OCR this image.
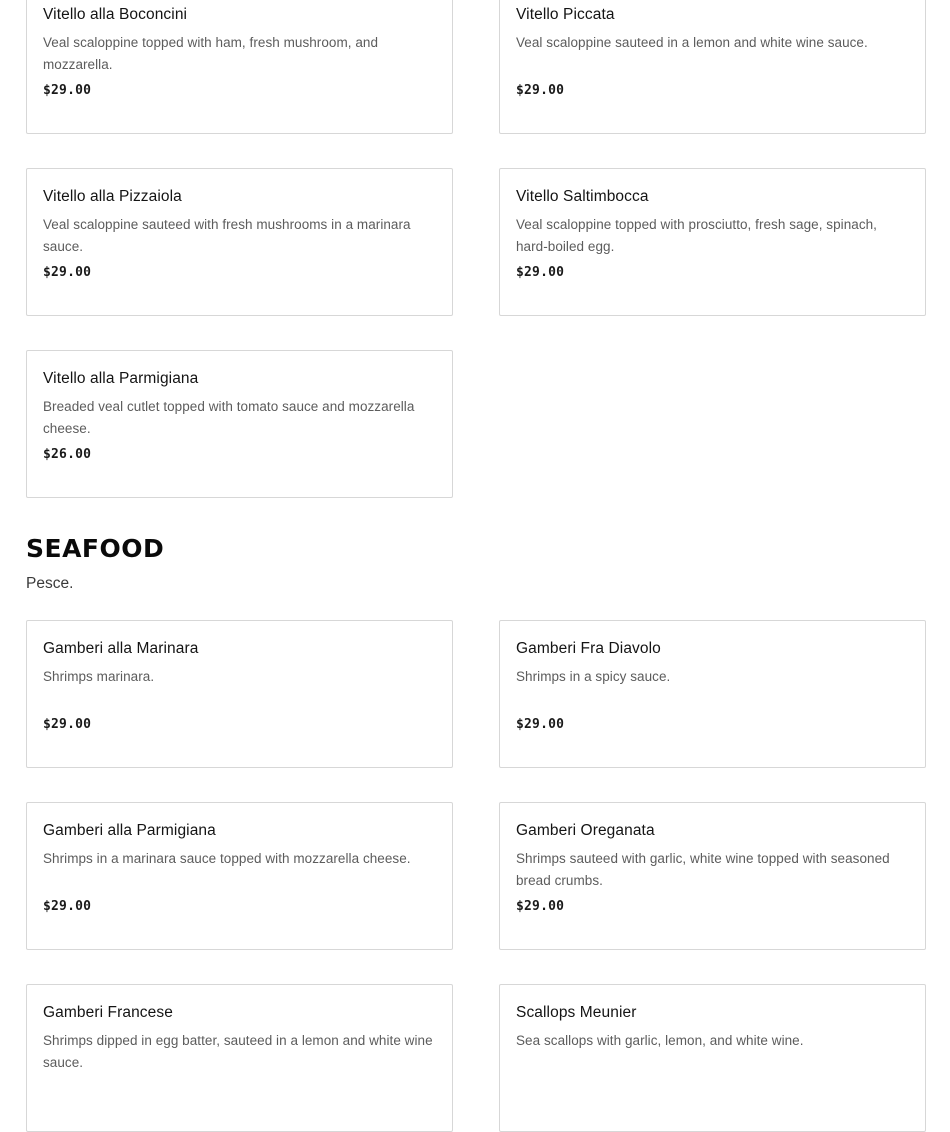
Vitello alla Boconcini
Veal scaloppine topped with ham, fresh mushroom, and mozzarella.
$29.00
Vitello Piccata
Veal scaloppine sauteed in a lemon and white wine sauce.
$29.00
Vitello alla Pizzaiola
Veal scaloppine sauteed with fresh mushrooms in a marinara sauce.
$29.00
Vitello Saltimbocca
Veal scaloppine topped with prosciutto, fresh sage, spinach, hard-boiled egg.
$29.00
Vitello alla Parmigiana
Breaded veal cutlet topped with tomato sauce and mozzarella cheese.
$26.00
SEAFOOD
Pesce.
Gamberi alla Marinara
Shrimps marinara.
$29.00
Gamberi Fra Diavolo
Shrimps in a spicy sauce.
$29.00
Gamberi alla Parmigiana
Shrimps in a marinara sauce topped with mozzarella cheese.
$29.00
Gamberi Oreganata
Shrimps sauteed with garlic, white wine topped with seasoned bread crumbs.
$29.00
Gamberi Francese
Shrimps dipped in egg batter, sauteed in a lemon and white wine sauce.
Scallops Meunier
Sea scallops with garlic, lemon, and white wine.
